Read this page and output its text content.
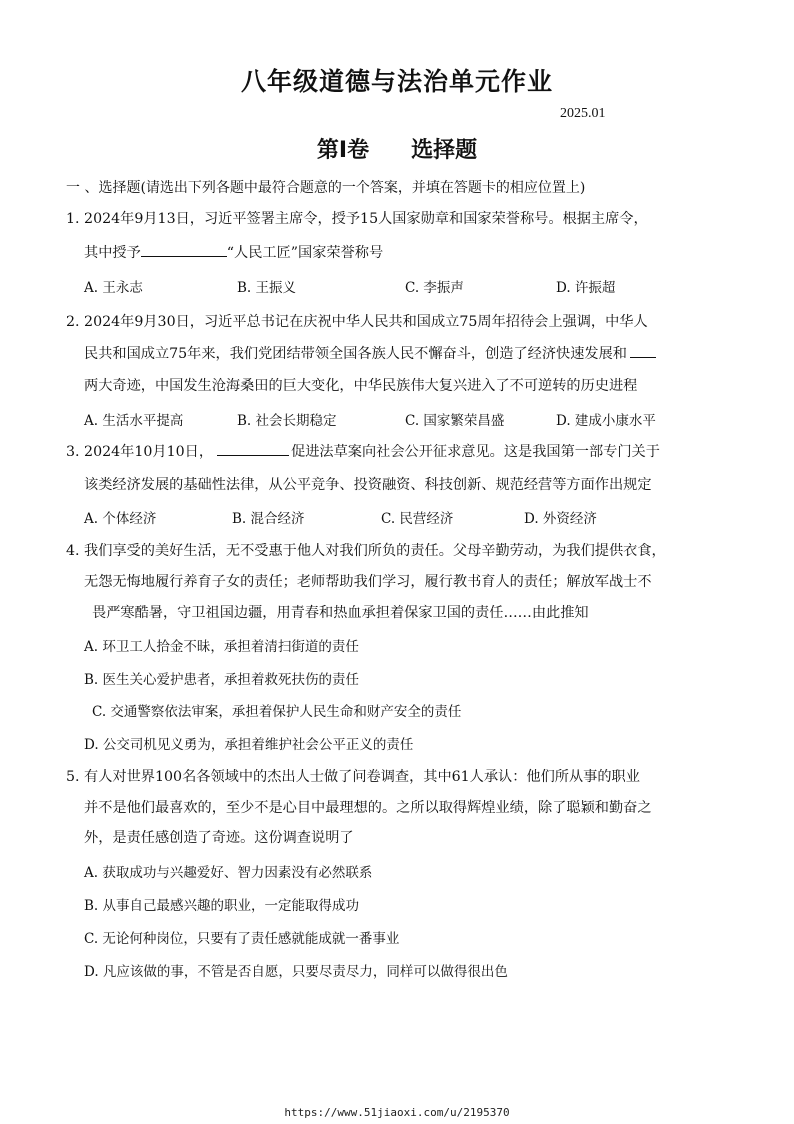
八年级道德与法治单元作业
2025.01
第I卷 选择题
一 、选择题(请选出下列各题中最符合题意的一个答案，并填在答题卡的相应位置上)
1. 2024年9月13日，习近平签署主席令，授予15人国家勋章和国家荣誉称号。根据主席令，
其中授予	“人民工匠”国家荣誉称号
A. 王永志	B. 王振义	C. 李振声	D. 许振超
2. 2024年9月30日，习近平总书记在庆祝中华人民共和国成立75周年招待会上强调，中华人
民共和国成立75年来，我们党团结带领全国各族人民不懈奋斗，创造了经济快速发展和
两大奇迹，中国发生沧海桑田的巨大变化，中华民族伟大复兴进入了不可逆转的历史进程
A. 生活水平提高	B. 社会长期稳定	C. 国家繁荣昌盛	D. 建成小康水平
3. 2024年10月10日，	促进法草案向社会公开征求意见。这是我国第一部专门关于
该类经济发展的基础性法律，从公平竞争、投资融资、科技创新、规范经营等方面作出规定
A. 个体经济	B. 混合经济	C. 民营经济	D. 外资经济
4. 我们享受的美好生活，无不受惠于他人对我们所负的责任。父母辛勤劳动，为我们提供衣食，
无怨无悔地履行养育子女的责任；老师帮助我们学习，履行教书育人的责任；解放军战士不
畏严寒酷暑，守卫祖国边疆，用青春和热血承担着保家卫国的责任……由此推知
A. 环卫工人拾金不昧，承担着清扫街道的责任
B. 医生关心爱护患者，承担着救死扶伤的责任
C. 交通警察依法审案，承担着保护人民生命和财产安全的责任
D. 公交司机见义勇为，承担着维护社会公平正义的责任
5. 有人对世界100名各领域中的杰出人士做了问卷调查，其中61人承认：他们所从事的职业
并不是他们最喜欢的，至少不是心目中最理想的。之所以取得辉煌业绩，除了聪颖和勤奋之
外，是责任感创造了奇迹。这份调查说明了
A. 获取成功与兴趣爱好、智力因素没有必然联系
B. 从事自己最感兴趣的职业，一定能取得成功
C. 无论何种岗位，只要有了责任感就能成就一番事业
D. 凡应该做的事，不管是否自愿，只要尽责尽力，同样可以做得很出色
https://www.51jiaoxi.com/u/2195370
